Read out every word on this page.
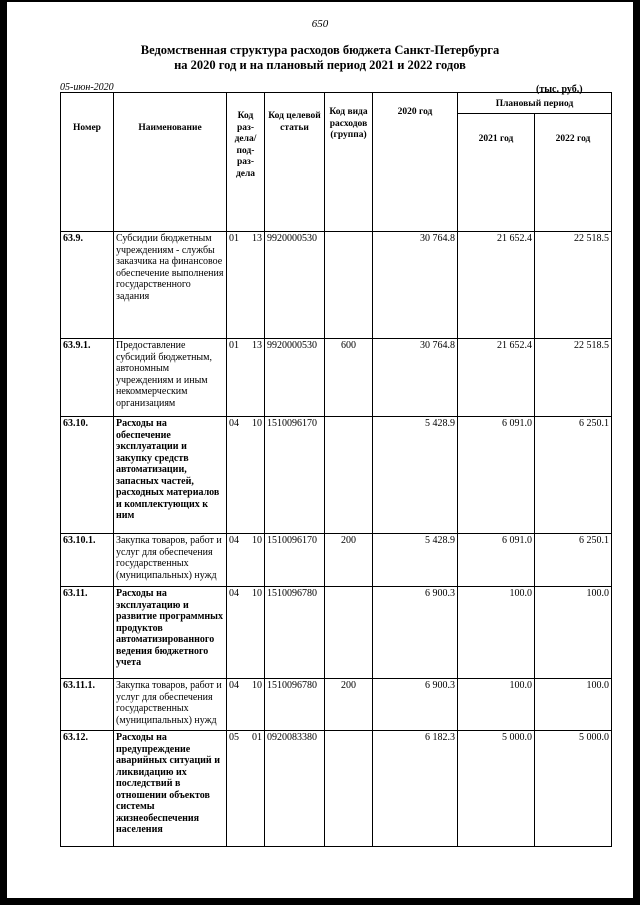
650
Ведомственная структура расходов бюджета Санкт-Петербурга
на 2020 год и на плановый период 2021 и 2022 годов
05-июн-2020	(тыс. руб.)
Номер	Наименование	Код раз-дела/ под-раз-дела		Код целевой статьи	Код вида расходов (группа)	2020 год	Плановый период	
							2021 год	2022 год
63.9.	Субсидии бюджетным учреждениям - службы заказчика на финансовое обеспечение выполнения государственного задания	01	13	9920000530		30 764.8	21 652.4	22 518.5
63.9.1.	Предоставление субсидий бюджетным, автономным учреждениям и иным некоммерческим организациям	01	13	9920000530	600	30 764.8	21 652.4	22 518.5
63.10.	Расходы на обеспечение эксплуатации и закупку средств автоматизации, запасных частей, расходных материалов и комплектующих к ним	04	10	1510096170		5 428.9	6 091.0	6 250.1
63.10.1.	Закупка товаров, работ и услуг для обеспечения государственных (муниципальных) нужд	04	10	1510096170	200	5 428.9	6 091.0	6 250.1
63.11.	Расходы на эксплуатацию и развитие программных продуктов автоматизированного ведения бюджетного учета	04	10	1510096780		6 900.3	100.0	100.0
63.11.1.	Закупка товаров, работ и услуг для обеспечения государственных (муниципальных) нужд	04	10	1510096780	200	6 900.3	100.0	100.0
63.12.	Расходы на предупреждение аварийных ситуаций и ликвидацию их последствий в отношении объектов системы жизнеобеспечения населения	05	01	0920083380		6 182.3	5 000.0	5 000.0
